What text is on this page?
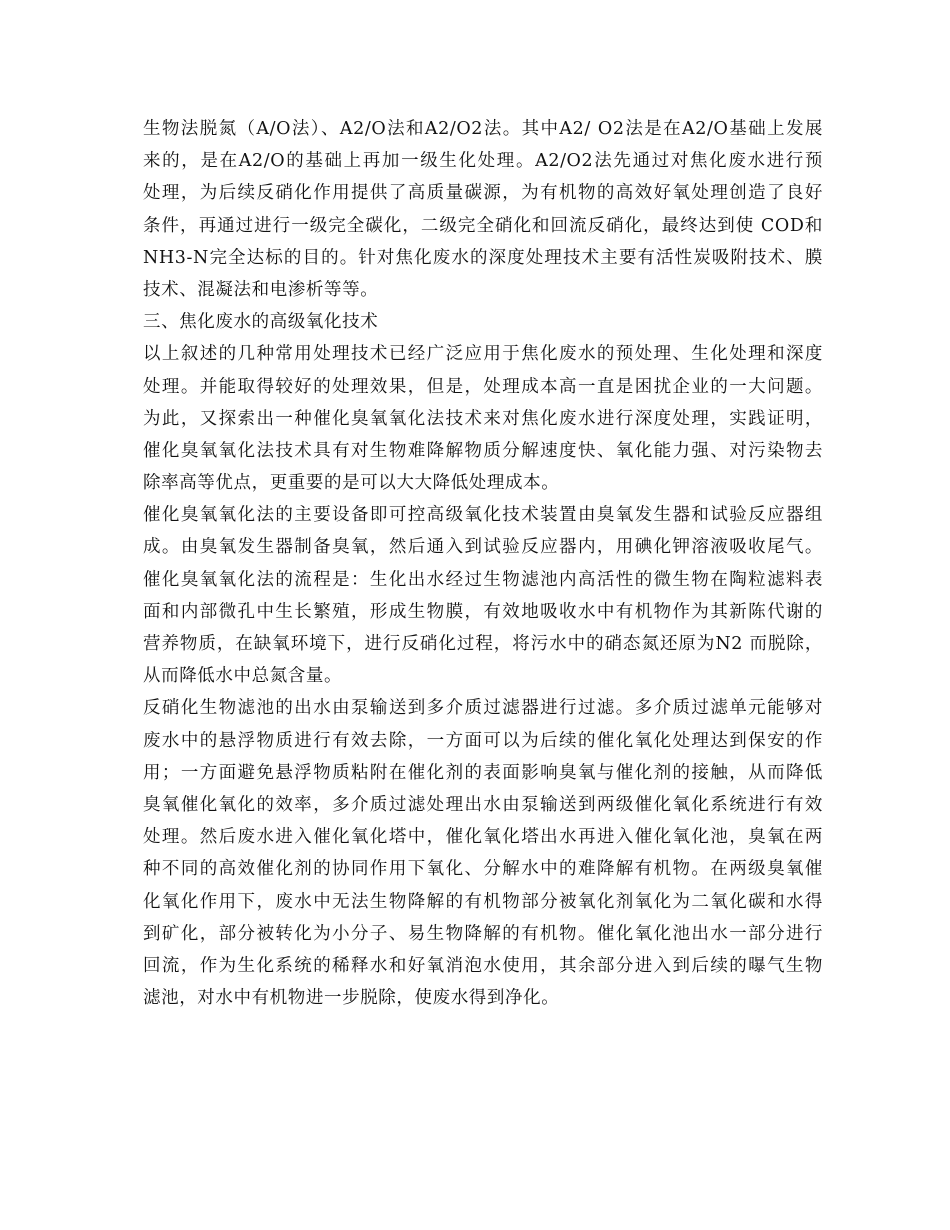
生物法脱氮（A/O法）、A2/O法和A2/O2法。其中A2/ O2法是在A2/O基础上发展
来的，是在A2/O的基础上再加一级生化处理。A2/O2法先通过对焦化废水进行预
处理，为后续反硝化作用提供了高质量碳源，为有机物的高效好氧处理创造了良好
条件，再通过进行一级完全碳化，二级完全硝化和回流反硝化，最终达到使 COD和
NH3-N完全达标的目的。针对焦化废水的深度处理技术主要有活性炭吸附技术、膜
技术、混凝法和电渗析等等。
三、焦化废水的高级氧化技术
以上叙述的几种常用处理技术已经广泛应用于焦化废水的预处理、生化处理和深度
处理。并能取得较好的处理效果，但是，处理成本高一直是困扰企业的一大问题。
为此，又探索出一种催化臭氧氧化法技术来对焦化废水进行深度处理，实践证明，
催化臭氧氧化法技术具有对生物难降解物质分解速度快、氧化能力强、对污染物去
除率高等优点，更重要的是可以大大降低处理成本。
催化臭氧氧化法的主要设备即可控高级氧化技术装置由臭氧发生器和试验反应器组
成。由臭氧发生器制备臭氧，然后通入到试验反应器内，用碘化钾溶液吸收尾气。
催化臭氧氧化法的流程是：生化出水经过生物滤池内高活性的微生物在陶粒滤料表
面和内部微孔中生长繁殖，形成生物膜，有效地吸收水中有机物作为其新陈代谢的
营养物质，在缺氧环境下，进行反硝化过程，将污水中的硝态氮还原为N2 而脱除，
从而降低水中总氮含量。
反硝化生物滤池的出水由泵输送到多介质过滤器进行过滤。多介质过滤单元能够对
废水中的悬浮物质进行有效去除，一方面可以为后续的催化氧化处理达到保安的作
用；一方面避免悬浮物质粘附在催化剂的表面影响臭氧与催化剂的接触，从而降低
臭氧催化氧化的效率，多介质过滤处理出水由泵输送到两级催化氧化系统进行有效
处理。然后废水进入催化氧化塔中，催化氧化塔出水再进入催化氧化池，臭氧在两
种不同的高效催化剂的协同作用下氧化、分解水中的难降解有机物。在两级臭氧催
化氧化作用下，废水中无法生物降解的有机物部分被氧化剂氧化为二氧化碳和水得
到矿化，部分被转化为小分子、易生物降解的有机物。催化氧化池出水一部分进行
回流，作为生化系统的稀释水和好氧消泡水使用，其余部分进入到后续的曝气生物
滤池，对水中有机物进一步脱除，使废水得到净化。
